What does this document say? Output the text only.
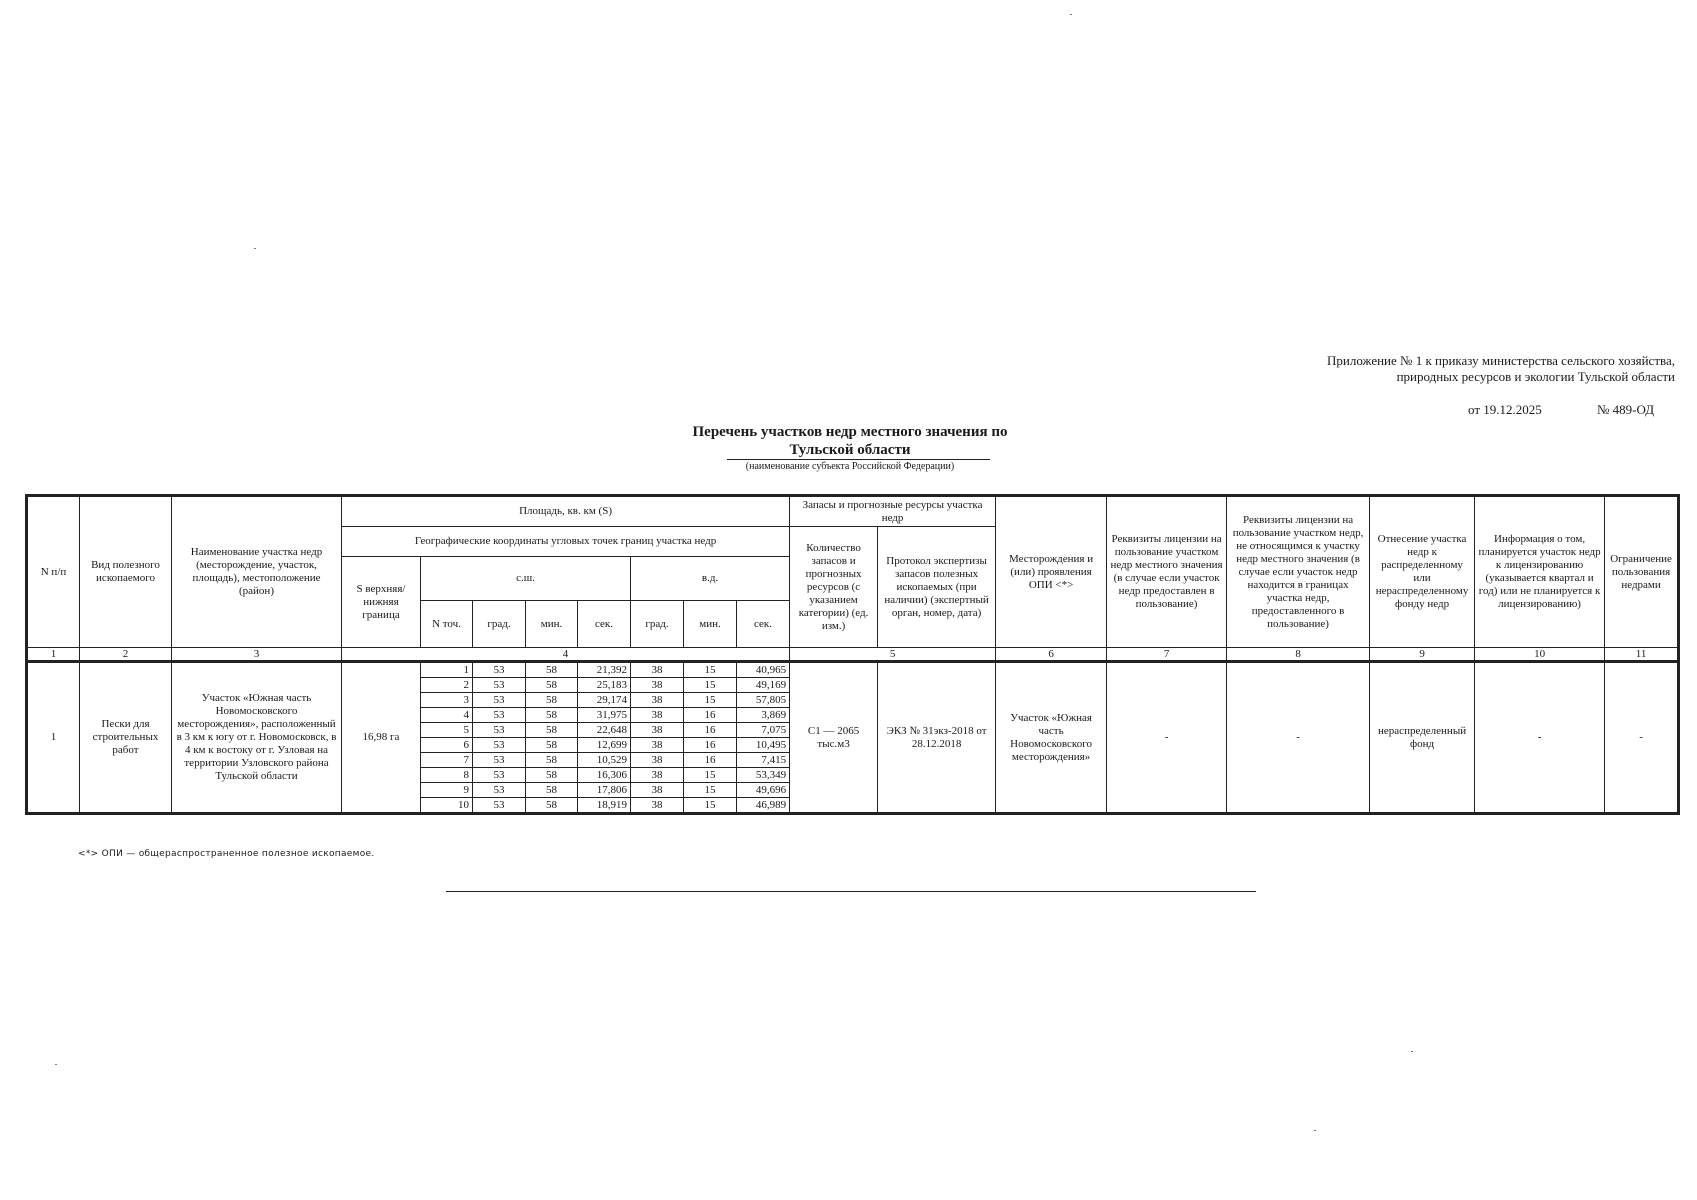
Приложение № 1 к приказу министерства сельского хозяйства,
природных ресурсов и экологии Тульской области
от 19.12.2025	№ 489-ОД
Перечень участков недр местного значения по
Тульской области
(наименование субъекта Российской Федерации)
N п/п	Вид полезного ископаемого	Наименование участка недр (месторождение, участок, площадь), местоположение (район)	Площадь, кв. км (S)								Запасы и прогнозные ресурсы участка недр		Месторождения и (или) проявления ОПИ <*>	Реквизиты лицензии на пользование участком недр местного значения (в случае если участок недр предоставлен в пользование)	Реквизиты лицензии на пользование участком недр, не относящимся к участку недр местного значения (в случае если участок недр находится в границах участка недр, предоставленного в пользование)	Отнесение участка недр к распределенному или нераспределенному фонду недр	Информация о том, планируется участок недр к лицензированию (указывается квартал и год) или не планируется к лицензированию)	Ограничение пользования недрами
			Географические координаты угловых точек границ участка недр								Количество запасов и прогнозных ресурсов (с указанием категории) (ед. изм.)	Протокол экспертизы запасов полезных ископаемых (при наличии) (экспертный орган, номер, дата)						
			S верхняя/ нижняя граница	с.ш.				в.д.										
				N точ.	град.	мин.	сек.	град.	мин.	сек.								
1	2	3	4								5		6	7	8	9	10	11
1	Пески для строительных работ	Участок «Южная часть Новомосковского месторождения», расположенный в 3 км к югу от г. Новомосковск, в 4 км к востоку от г. Узловая на территории Узловского района Тульской области	16,98 га	1	53	58	21,392	38	15	40,965	С1 — 2065 тыс.м3	ЭКЗ № 31экз-2018 от 28.12.2018	Участок «Южная часть Новомосковского месторождения»	-	-	нераспределенный фонд	-	-
				2	53	58	25,183	38	15	49,169								
				3	53	58	29,174	38	15	57,805								
				4	53	58	31,975	38	16	3,869								
				5	53	58	22,648	38	16	7,075								
				6	53	58	12,699	38	16	10,495								
				7	53	58	10,529	38	16	7,415								
				8	53	58	16,306	38	15	53,349								
				9	53	58	17,806	38	15	49,696								
				10	53	58	18,919	38	15	46,989								
<*> ОПИ — общераспространенное полезное ископаемое.
